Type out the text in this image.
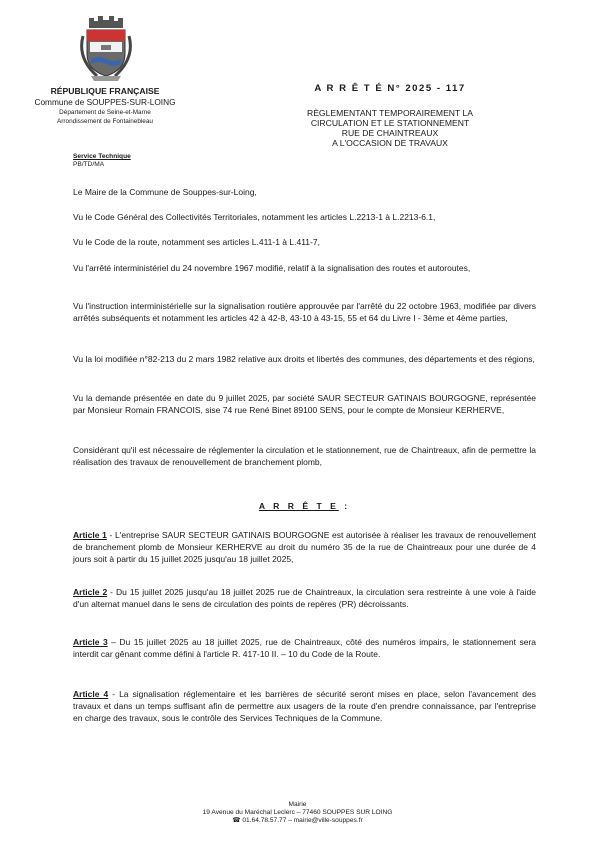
RÉPUBLIQUE FRANÇAISE
Commune de SOUPPES-SUR-LOING
Département de Seine-et-Marne
Arrondissement de Fontainebleau
Service Technique
PB/TD/MA
A R R Ê T É N° 2025 - 117
RÈGLEMENTANT TEMPORAIREMENT LA
CIRCULATION ET LE STATIONNEMENT
RUE DE CHAINTREAUX
A L'OCCASION DE TRAVAUX

Le Maire de la Commune de Souppes-sur-Loing,

Vu le Code Général des Collectivités Territoriales, notamment les articles L.2213-1 à L.2213-6.1,

Vu le Code de la route, notamment ses articles L.411-1 à L.411-7,

Vu l'arrêté interministériel du 24 novembre 1967 modifié, relatif à la signalisation des routes et autoroutes,

Vu l'instruction interministérielle sur la signalisation routière approuvée par l'arrêté du 22 octobre 1963, modifiée par divers arrêtés subséquents et notamment les articles 42 à 42-8, 43-10 à 43-15, 55 et 64 du Livre I - 3ème et 4ème parties,

Vu la loi modifiée n°82-213 du 2 mars 1982 relative aux droits et libertés des communes, des départements et des régions,

Vu la demande présentée en date du 9 juillet 2025, par société SAUR SECTEUR GATINAIS BOURGOGNE, représentée par Monsieur Romain FRANCOIS, sise 74 rue René Binet 89100 SENS, pour le compte de Monsieur KERHERVE,

Considérant qu'il est nécessaire de réglementer la circulation et le stationnement, rue de Chaintreaux, afin de permettre la réalisation des travaux de renouvellement de branchement plomb,

A R R Ê T E :

Article 1 - L'entreprise SAUR SECTEUR GATINAIS BOURGOGNE est autorisée à réaliser les travaux de renouvellement de branchement plomb de Monsieur KERHERVE au droit du numéro 35 de la rue de Chaintreaux pour une durée de 4 jours soit à partir du 15 juillet 2025 jusqu'au 18 juillet 2025,

Article 2 - Du 15 juillet 2025 jusqu'au 18 juillet 2025 rue de Chaintreaux, la circulation sera restreinte à une voie à l'aide d'un alternat manuel dans le sens de circulation des points de repères (PR) décroissants.

Article 3 – Du 15 juillet 2025 au 18 juillet 2025, rue de Chaintreaux, côté des numéros impairs, le stationnement sera interdit car gênant comme défini à l'article R. 417-10 II. – 10 du Code de la Route.

Article 4 - La signalisation réglementaire et les barrières de sécurité seront mises en place, selon l'avancement des travaux et dans un temps suffisant afin de permettre aux usagers de la route d'en prendre connaissance, par l'entreprise en charge des travaux, sous le contrôle des Services Techniques de la Commune.

Mairie
19 Avenue du Maréchal Leclerc – 77460 SOUPPES SUR LOING
☎ 01.64.78.57.77 – mairie@ville-souppes.fr
